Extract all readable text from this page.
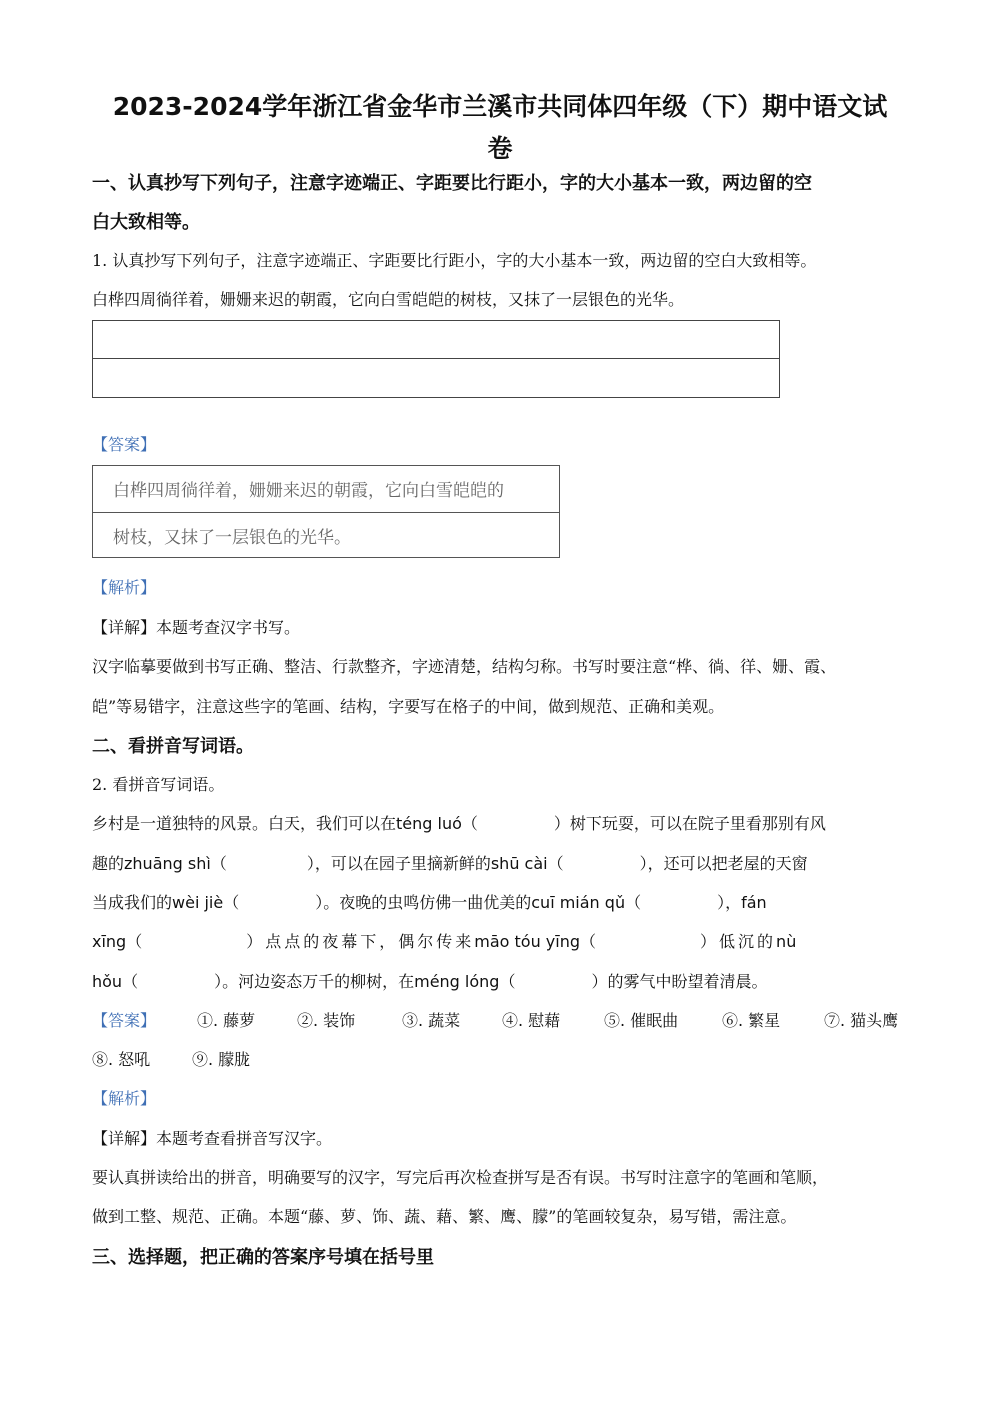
2023-2024学年浙江省金华市兰溪市共同体四年级（下）期中语文试
卷
一、认真抄写下列句子，注意字迹端正、字距要比行距小，字的大小基本一致，两边留的空
白大致相等。
1. 认真抄写下列句子，注意字迹端正、字距要比行距小，字的大小基本一致，两边留的空白大致相等。
白桦四周徜徉着，姗姗来迟的朝霞，它向白雪皑皑的树枝，又抹了一层银色的光华。
【答案】
白桦四周徜徉着，姗姗来迟的朝霞，它向白雪皑皑的
树枝，又抹了一层银色的光华。
【解析】
【详解】本题考查汉字书写。
汉字临摹要做到书写正确、整洁、行款整齐，字迹清楚，结构匀称。书写时要注意“桦、徜、徉、姗、霞、
皑”等易错字，注意这些字的笔画、结构，字要写在格子的中间，做到规范、正确和美观。
二、看拼音写词语。
2. 看拼音写词语。
乡村是一道独特的风景。白天，我们可以在téng luó（	）树下玩耍，可以在院子里看那别有风
趣的zhuāng shì（	），可以在园子里摘新鲜的shū cài（	），还可以把老屋的天窗
当成我们的wèi jiè（	）。夜晚的虫鸣仿佛一曲优美的cuī mián qǔ（	），fán
xīng（	）点点的夜幕下，偶尔传来māo tóu yīng（	）低沉的nù
hǒu（	）。河边姿态万千的柳树，在méng lóng（	）的雾气中盼望着清晨。
【答案】	①. 藤萝	②. 装饰	③. 蔬菜	④. 慰藉	⑤. 催眠曲	⑥. 繁星	⑦. 猫头鹰
⑧. 怒吼	⑨. 朦胧
【解析】
【详解】本题考查看拼音写汉字。
要认真拼读给出的拼音，明确要写的汉字，写完后再次检查拼写是否有误。书写时注意字的笔画和笔顺，
做到工整、规范、正确。本题“藤、萝、饰、蔬、藉、繁、鹰、朦”的笔画较复杂，易写错，需注意。
三、选择题，把正确的答案序号填在括号里
